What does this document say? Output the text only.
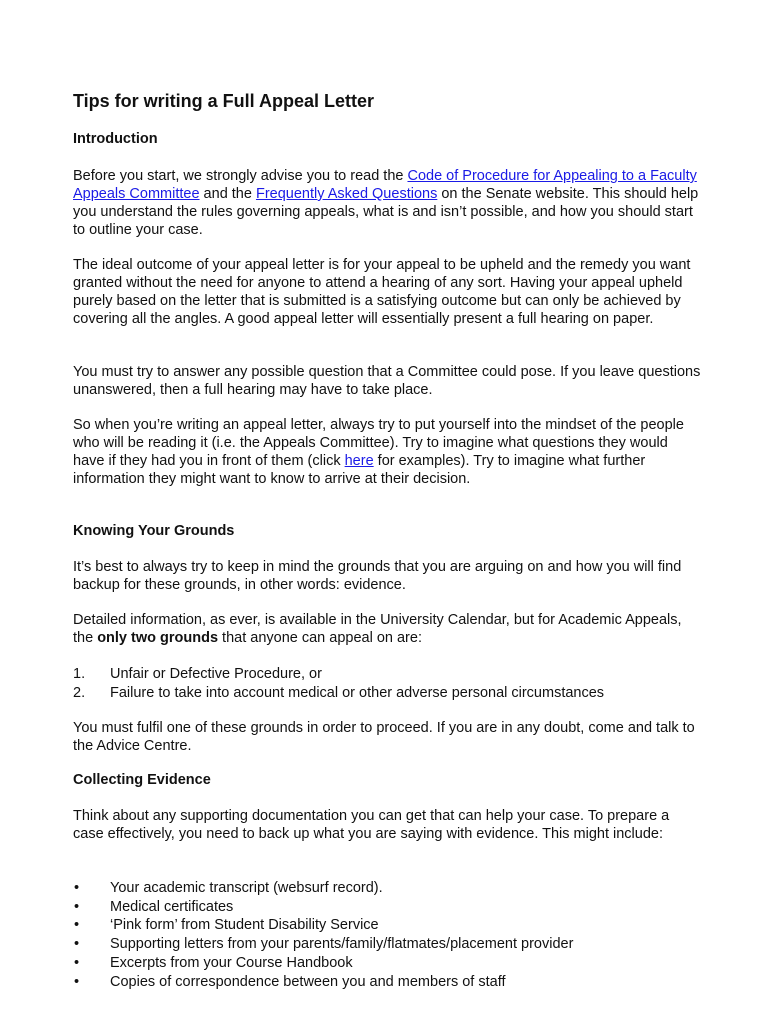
Tips for writing a Full Appeal Letter
Introduction

Before you start, we strongly advise you to read the Code of Procedure for Appealing to a Faculty Appeals Committee and the Frequently Asked Questions on the Senate website. This should help you understand the rules governing appeals, what is and isn’t possible, and how you should start to outline your case.

The ideal outcome of your appeal letter is for your appeal to be upheld and the remedy you want granted without the need for anyone to attend a hearing of any sort. Having your appeal upheld purely based on the letter that is submitted is a satisfying outcome but can only be achieved by covering all the angles. A good appeal letter will essentially present a full hearing on paper.

You must try to answer any possible question that a Committee could pose. If you leave questions unanswered, then a full hearing may have to take place.

So when you’re writing an appeal letter, always try to put yourself into the mindset of the people who will be reading it (i.e. the Appeals Committee). Try to imagine what questions they would have if they had you in front of them (click here for examples). Try to imagine what further information they might want to know to arrive at their decision.

Knowing Your Grounds

It’s best to always try to keep in mind the grounds that you are arguing on and how you will find backup for these grounds, in other words: evidence.

Detailed information, as ever, is available in the University Calendar, but for Academic Appeals, the only two grounds that anyone can appeal on are:

1. Unfair or Defective Procedure, or
2. Failure to take into account medical or other adverse personal circumstances

You must fulfil one of these grounds in order to proceed. If you are in any doubt, come and talk to the Advice Centre.

Collecting Evidence

Think about any supporting documentation you can get that can help your case. To prepare a case effectively, you need to back up what you are saying with evidence. This might include:

• Your academic transcript (websurf record).
• Medical certificates
• ‘Pink form’ from Student Disability Service
• Supporting letters from your parents/family/flatmates/placement provider
• Excerpts from your Course Handbook
• Copies of correspondence between you and members of staff
